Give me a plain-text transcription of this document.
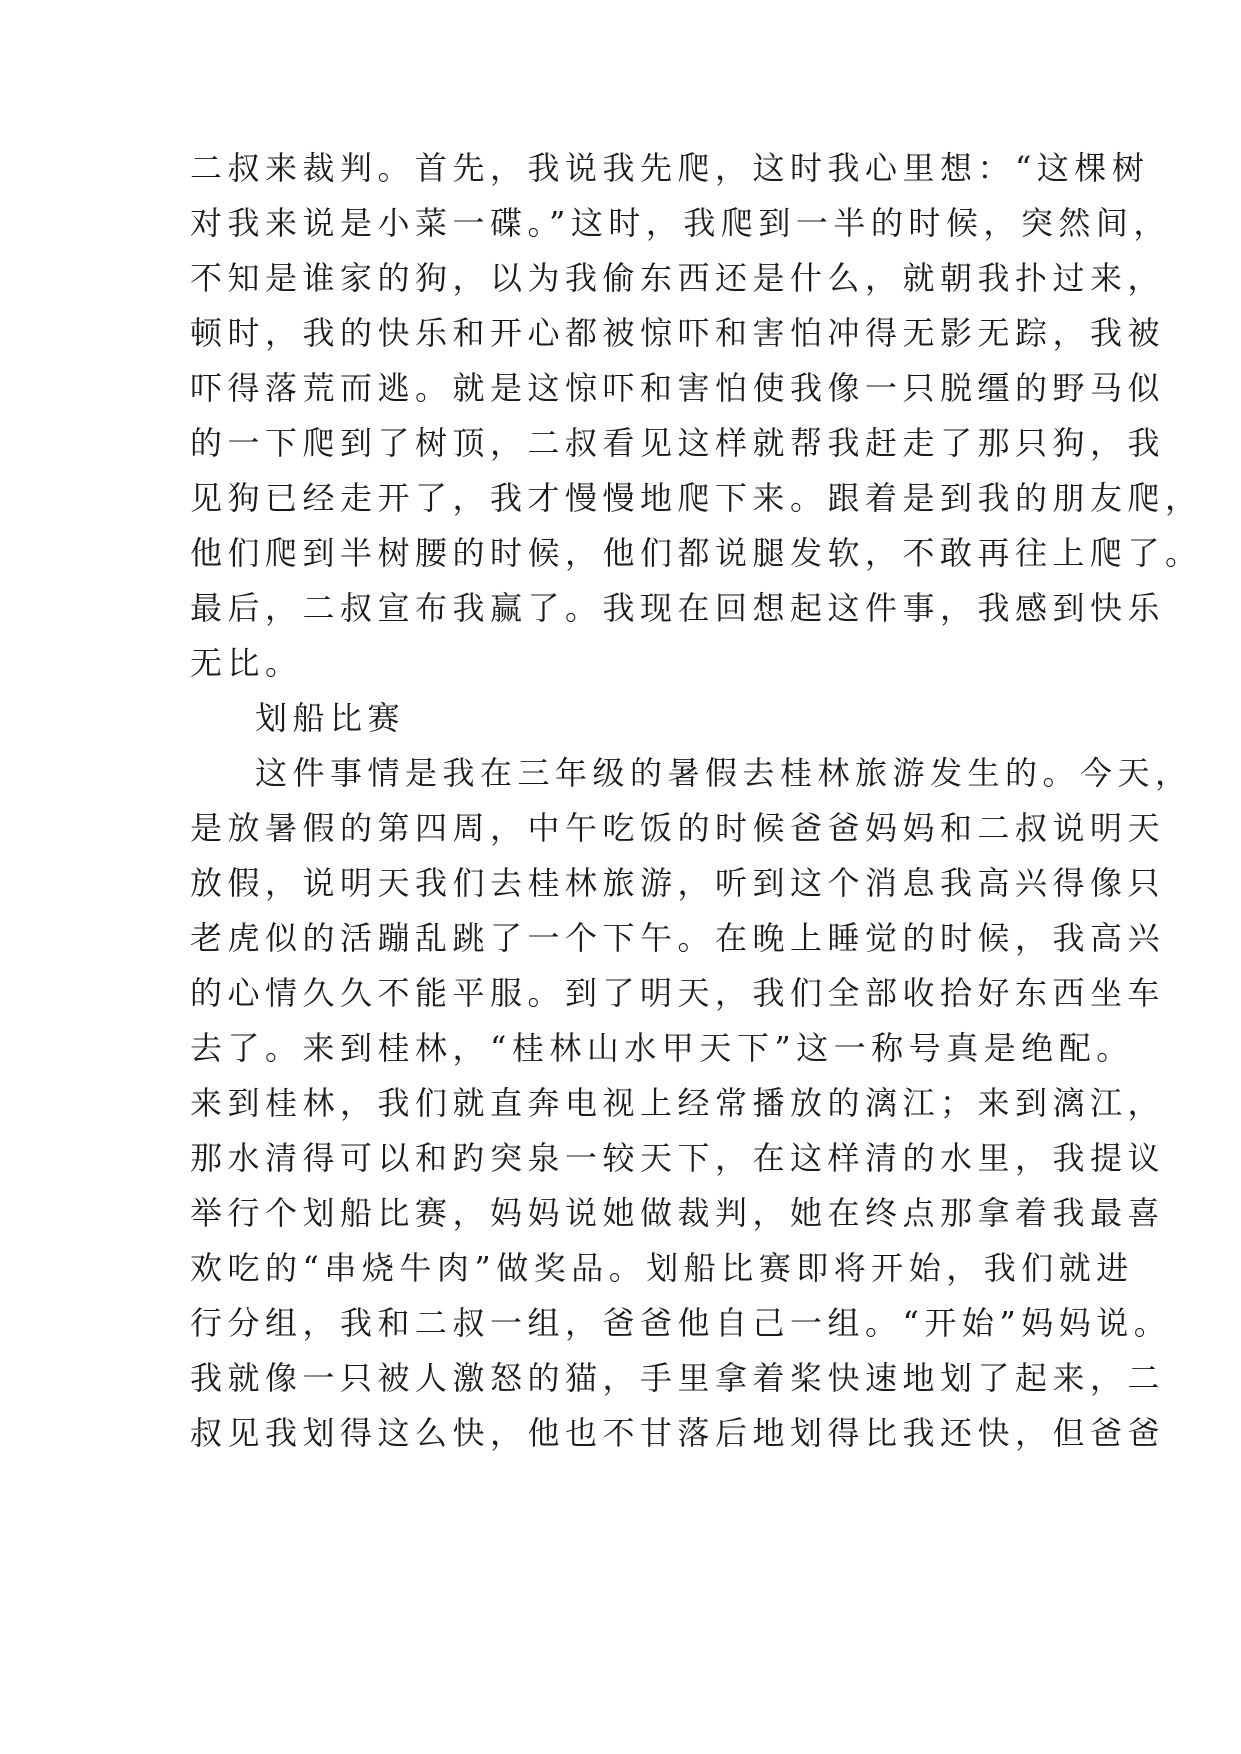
二叔来裁判。首先，我说我先爬，这时我心里想：“这棵树
对我来说是小菜一碟。”这时，我爬到一半的时候，突然间，
不知是谁家的狗，以为我偷东西还是什么，就朝我扑过来，
顿时，我的快乐和开心都被惊吓和害怕冲得无影无踪，我被
吓得落荒而逃。就是这惊吓和害怕使我像一只脱缰的野马似
的一下爬到了树顶，二叔看见这样就帮我赶走了那只狗，我
见狗已经走开了，我才慢慢地爬下来。跟着是到我的朋友爬，
他们爬到半树腰的时候，他们都说腿发软，不敢再往上爬了。
最后，二叔宣布我赢了。我现在回想起这件事，我感到快乐
无比。
划船比赛
这件事情是我在三年级的暑假去桂林旅游发生的。今天，
是放暑假的第四周，中午吃饭的时候爸爸妈妈和二叔说明天
放假，说明天我们去桂林旅游，听到这个消息我高兴得像只
老虎似的活蹦乱跳了一个下午。在晚上睡觉的时候，我高兴
的心情久久不能平服。到了明天，我们全部收拾好东西坐车
去了。来到桂林，“桂林山水甲天下”这一称号真是绝配。
来到桂林，我们就直奔电视上经常播放的漓江；来到漓江，
那水清得可以和趵突泉一较天下，在这样清的水里，我提议
举行个划船比赛，妈妈说她做裁判，她在终点那拿着我最喜
欢吃的“串烧牛肉”做奖品。划船比赛即将开始，我们就进
行分组，我和二叔一组，爸爸他自己一组。“开始”妈妈说。
我就像一只被人激怒的猫，手里拿着桨快速地划了起来，二
叔见我划得这么快，他也不甘落后地划得比我还快，但爸爸
